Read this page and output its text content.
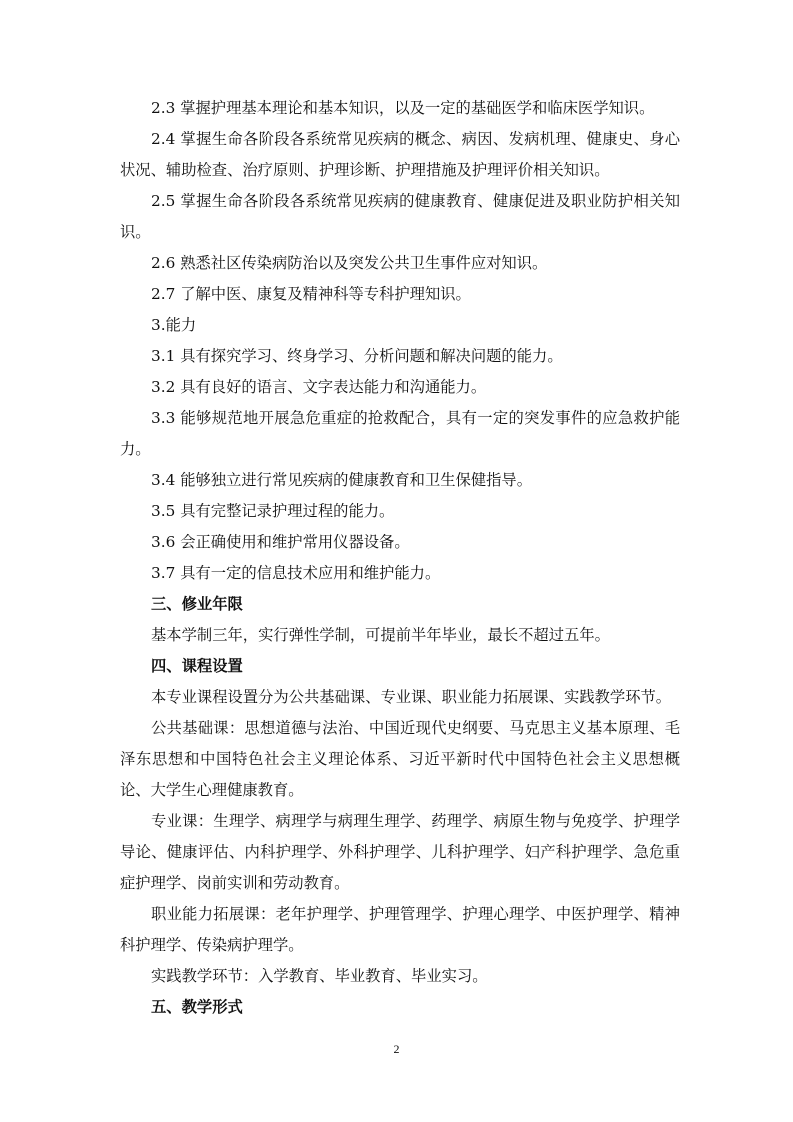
2.3 掌握护理基本理论和基本知识，以及一定的基础医学和临床医学知识。

2.4 掌握生命各阶段各系统常见疾病的概念、病因、发病机理、健康史、身心状况、辅助检查、治疗原则、护理诊断、护理措施及护理评价相关知识。

2.5 掌握生命各阶段各系统常见疾病的健康教育、健康促进及职业防护相关知识。

2.6 熟悉社区传染病防治以及突发公共卫生事件应对知识。

2.7 了解中医、康复及精神科等专科护理知识。

3.能力

3.1 具有探究学习、终身学习、分析问题和解决问题的能力。

3.2 具有良好的语言、文字表达能力和沟通能力。

3.3 能够规范地开展急危重症的抢救配合，具有一定的突发事件的应急救护能力。

3.4 能够独立进行常见疾病的健康教育和卫生保健指导。

3.5 具有完整记录护理过程的能力。

3.6 会正确使用和维护常用仪器设备。

3.7 具有一定的信息技术应用和维护能力。

三、修业年限

基本学制三年，实行弹性学制，可提前半年毕业，最长不超过五年。

四、课程设置

本专业课程设置分为公共基础课、专业课、职业能力拓展课、实践教学环节。

公共基础课：思想道德与法治、中国近现代史纲要、马克思主义基本原理、毛泽东思想和中国特色社会主义理论体系、习近平新时代中国特色社会主义思想概论、大学生心理健康教育。

专业课：生理学、病理学与病理生理学、药理学、病原生物与免疫学、护理学导论、健康评估、内科护理学、外科护理学、儿科护理学、妇产科护理学、急危重症护理学、岗前实训和劳动教育。

职业能力拓展课：老年护理学、护理管理学、护理心理学、中医护理学、精神科护理学、传染病护理学。

实践教学环节：入学教育、毕业教育、毕业实习。

五、教学形式

2
